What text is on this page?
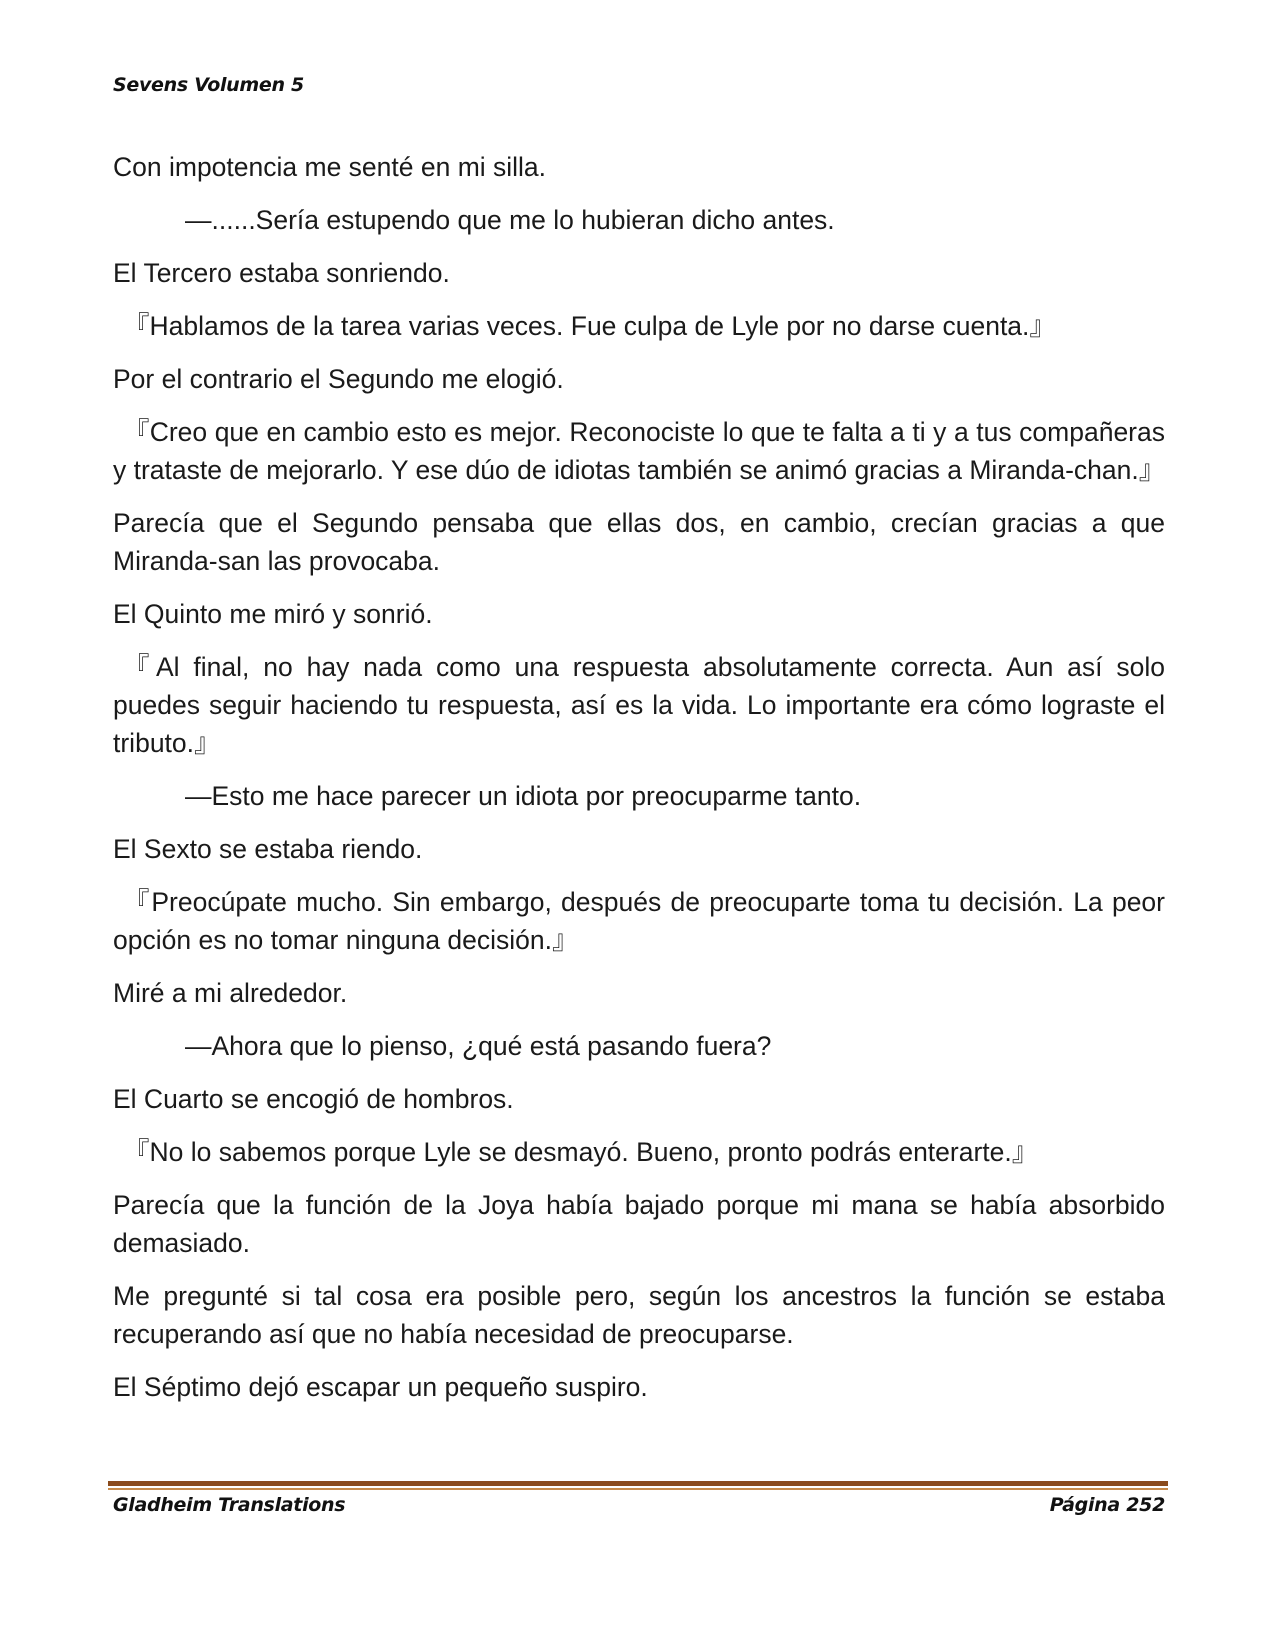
Sevens Volumen 5

Con impotencia me senté en mi silla.

—......Sería estupendo que me lo hubieran dicho antes.

El Tercero estaba sonriendo.

『Hablamos de la tarea varias veces. Fue culpa de Lyle por no darse cuenta.』

Por el contrario el Segundo me elogió.

『Creo que en cambio esto es mejor. Reconociste lo que te falta a ti y a tus compañeras y trataste de mejorarlo. Y ese dúo de idiotas también se animó gracias a Miranda-chan.』

Parecía que el Segundo pensaba que ellas dos, en cambio, crecían gracias a que Miranda-san las provocaba.

El Quinto me miró y sonrió.

『Al final, no hay nada como una respuesta absolutamente correcta. Aun así solo puedes seguir haciendo tu respuesta, así es la vida. Lo importante era cómo lograste el tributo.』

—Esto me hace parecer un idiota por preocuparme tanto.

El Sexto se estaba riendo.

『Preocúpate mucho. Sin embargo, después de preocuparte toma tu decisión. La peor opción es no tomar ninguna decisión.』

Miré a mi alrededor.

—Ahora que lo pienso, ¿qué está pasando fuera?

El Cuarto se encogió de hombros.

『No lo sabemos porque Lyle se desmayó. Bueno, pronto podrás enterarte.』

Parecía que la función de la Joya había bajado porque mi mana se había absorbido demasiado.

Me pregunté si tal cosa era posible pero, según los ancestros la función se estaba recuperando así que no había necesidad de preocuparse.

El Séptimo dejó escapar un pequeño suspiro.

Gladheim Translations	Página 252
